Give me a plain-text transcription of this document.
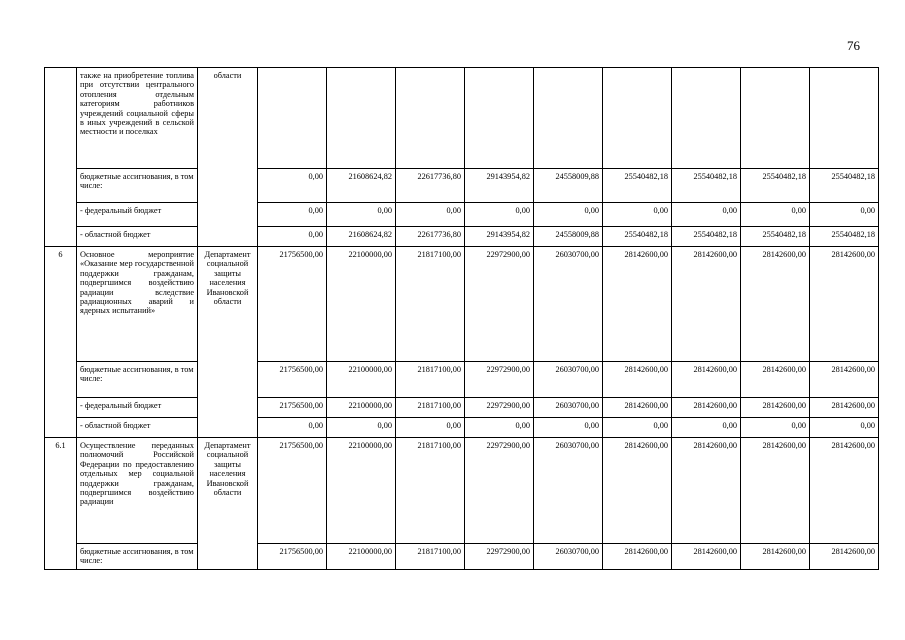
76
	также на приобретение топлива при отсутствии центрального отопления отдельным категориям работников учреждений социальной сферы в иных учреждений в сельской местности и поселках	области									
	бюджетные ассигнования, в том числе:		0,00	21608624,82	22617736,80	29143954,82	24558009,88	25540482,18	25540482,18	25540482,18	25540482,18
	- федеральный бюджет		0,00	0,00	0,00	0,00	0,00	0,00	0,00	0,00	0,00
	- областной бюджет		0,00	21608624,82	22617736,80	29143954,82	24558009,88	25540482,18	25540482,18	25540482,18	25540482,18
6	Основное мероприятие «Оказание мер государственной поддержки гражданам, подвергшимся воздействию радиации вследствие радиационных аварий и ядерных испытаний»	Департамент социальной защиты населения Ивановской области	21756500,00	22100000,00	21817100,00	22972900,00	26030700,00	28142600,00	28142600,00	28142600,00	28142600,00
	бюджетные ассигнования, в том числе:		21756500,00	22100000,00	21817100,00	22972900,00	26030700,00	28142600,00	28142600,00	28142600,00	28142600,00
	- федеральный бюджет		21756500,00	22100000,00	21817100,00	22972900,00	26030700,00	28142600,00	28142600,00	28142600,00	28142600,00
	- областной бюджет		0,00	0,00	0,00	0,00	0,00	0,00	0,00	0,00	0,00
6.1	Осуществление переданных полномочий Российской Федерации по предоставлению отдельных мер социальной поддержки гражданам, подвергшимся воздействию радиации	Департамент социальной защиты населения Ивановской области	21756500,00	22100000,00	21817100,00	22972900,00	26030700,00	28142600,00	28142600,00	28142600,00	28142600,00
	бюджетные ассигнования, в том числе:		21756500,00	22100000,00	21817100,00	22972900,00	26030700,00	28142600,00	28142600,00	28142600,00	28142600,00
